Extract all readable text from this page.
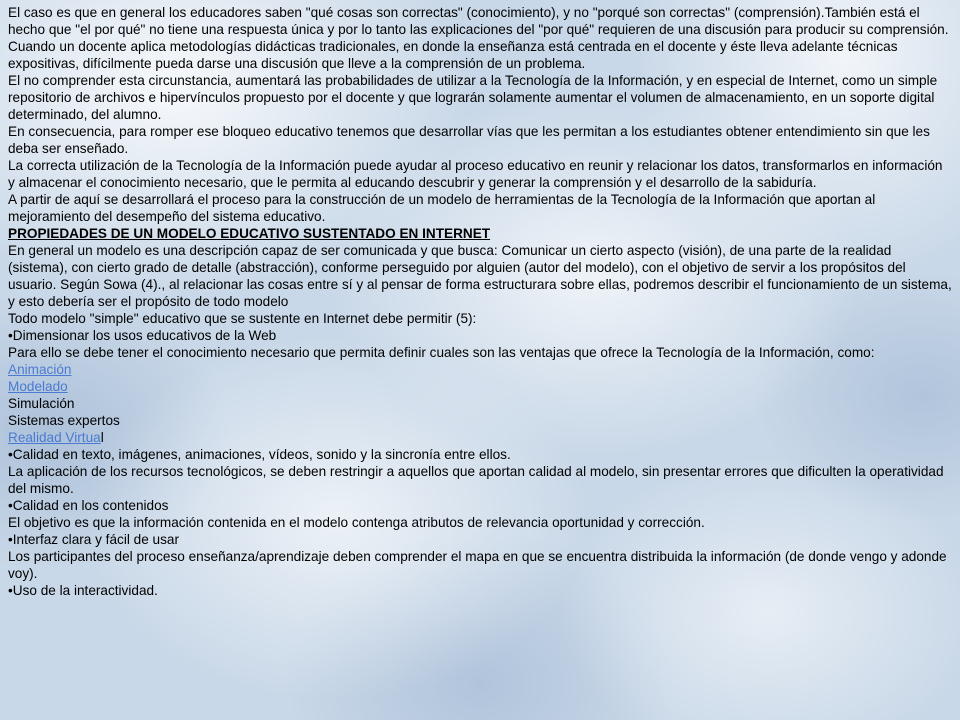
El caso es que en general los educadores saben "qué cosas son correctas" (conocimiento), y no "porqué son correctas" (comprensión).También está el hecho que "el por qué" no tiene una respuesta única y por lo tanto las explicaciones del "por qué" requieren de una discusión para producir su comprensión.

Cuando un docente aplica metodologías didácticas tradicionales, en donde la enseñanza está centrada en el docente y éste lleva adelante técnicas expositivas, difícilmente pueda darse una discusión que lleve a la comprensión de un problema.

El no comprender esta circunstancia, aumentará las probabilidades de utilizar a la Tecnología de la Información, y en especial de Internet, como un simple repositorio de archivos e hipervínculos propuesto por el docente y que lograrán solamente aumentar el volumen de almacenamiento, en un soporte digital determinado, del alumno.

En consecuencia, para romper ese bloqueo educativo tenemos que desarrollar vías que les permitan a los estudiantes obtener entendimiento sin que les deba ser enseñado.

La correcta utilización de la Tecnología de la Información puede ayudar al proceso educativo en reunir y relacionar los datos, transformarlos en información y almacenar el conocimiento necesario, que le permita al educando descubrir y generar la comprensión y el desarrollo de la sabiduría.

A partir de aquí se desarrollará el proceso para la construcción de un modelo de herramientas de la Tecnología de la Información que aportan al mejoramiento del desempeño del sistema educativo.

PROPIEDADES DE UN MODELO EDUCATIVO SUSTENTADO EN INTERNET

En general un modelo es una descripción capaz de ser comunicada y que busca: Comunicar un cierto aspecto (visión), de una parte de la realidad (sistema), con cierto grado de detalle (abstracción), conforme perseguido por alguien (autor del modelo), con el objetivo de servir a los propósitos del usuario. Según Sowa (4)., al relacionar las cosas entre sí y al pensar de forma estructurara sobre ellas, podremos describir el funcionamiento de un sistema, y esto debería ser el propósito de todo modelo

Todo modelo "simple" educativo que se sustente en Internet debe permitir (5):

•Dimensionar los usos educativos de la Web

Para ello se debe tener el conocimiento necesario que permita definir cuales son las ventajas que ofrece la Tecnología de la Información, como:

Animación

Modelado

Simulación

Sistemas expertos

Realidad Virtual

•Calidad en texto, imágenes, animaciones, vídeos, sonido y la sincronía entre ellos.

La aplicación de los recursos tecnológicos, se deben restringir a aquellos que aportan calidad al modelo, sin presentar errores que dificulten la operatividad del mismo.

•Calidad en los contenidos

El objetivo es que la información contenida en el modelo contenga atributos de relevancia oportunidad y corrección.

•Interfaz clara y fácil de usar

Los participantes del proceso enseñanza/aprendizaje deben comprender el mapa en que se encuentra distribuida la información (de donde vengo y adonde voy).

•Uso de la interactividad.
